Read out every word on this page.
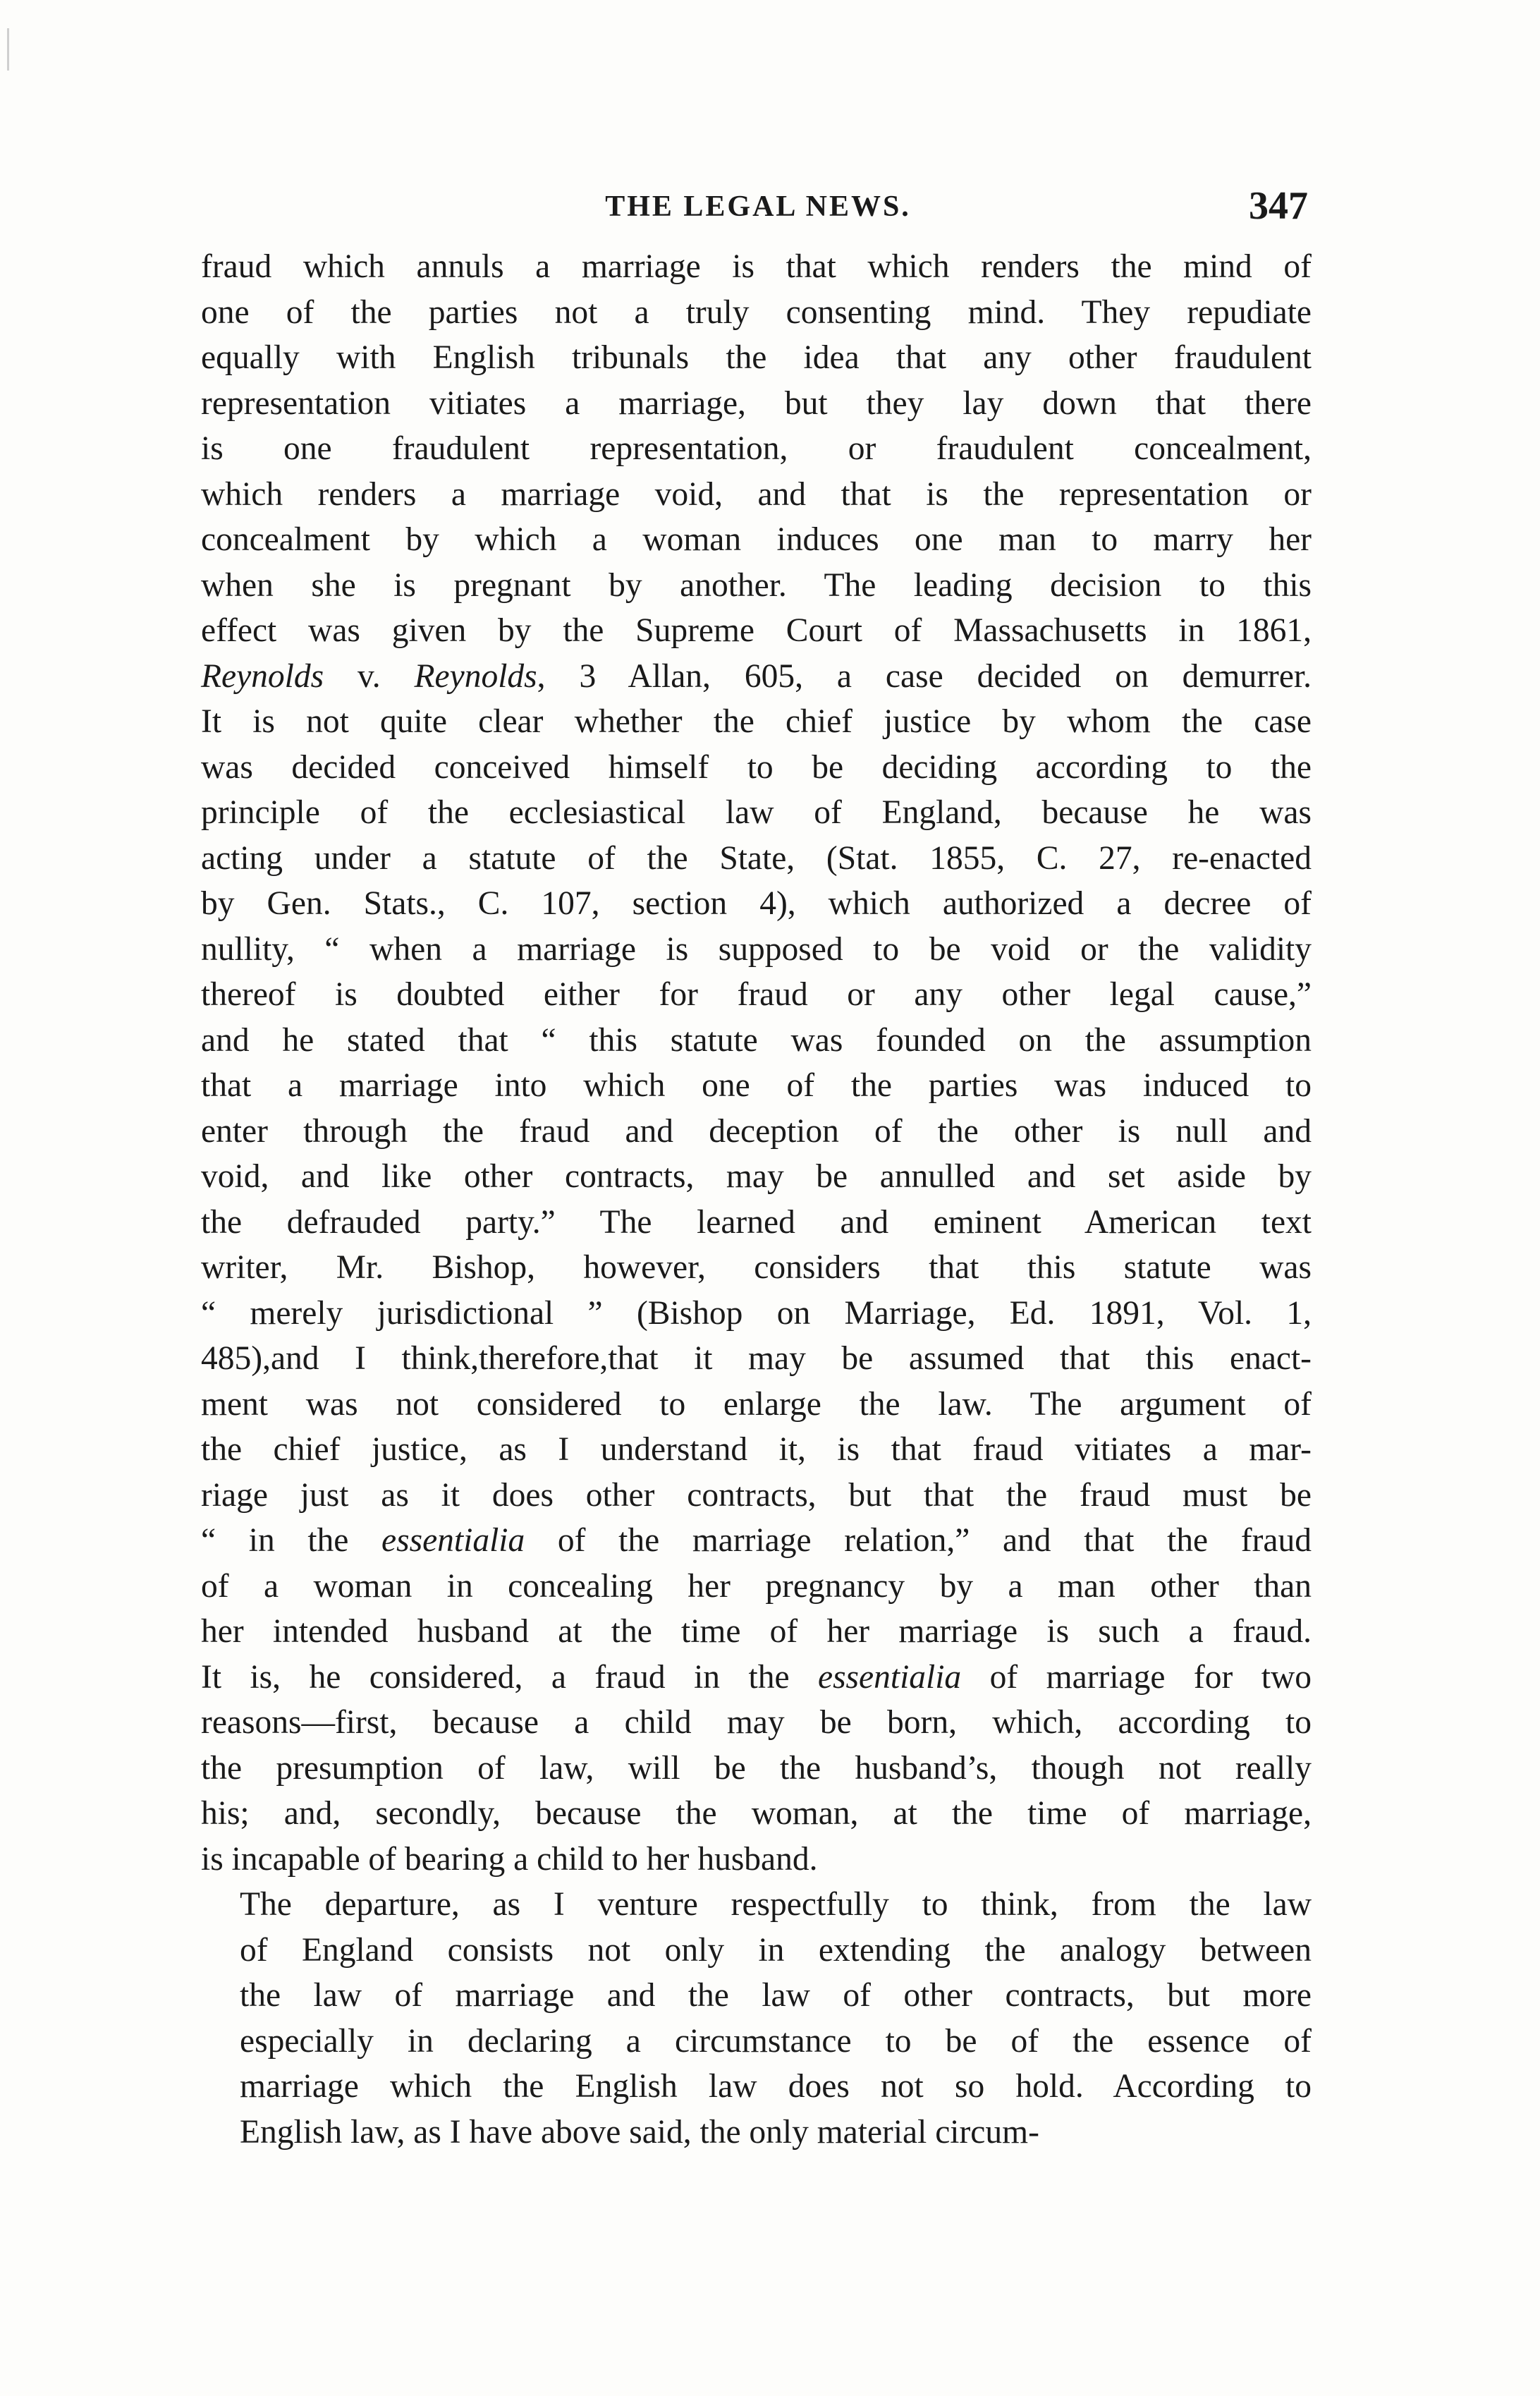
THE LEGAL NEWS.	347

fraud which annuls a marriage is that which renders the mind of
one of the parties not a truly consenting mind. They repudiate
equally with English tribunals the idea that any other fraudulent
representation vitiates a marriage, but they lay down that there
is one fraudulent representation, or fraudulent concealment,
which renders a marriage void, and that is the representation or
concealment by which a woman induces one man to marry her
when she is pregnant by another. The leading decision to this
effect was given by the Supreme Court of Massachusetts in 1861,
Reynolds v. Reynolds, 3 Allan, 605, a case decided on demurrer.
It is not quite clear whether the chief justice by whom the case
was decided conceived himself to be deciding according to the
principle of the ecclesiastical law of England, because he was
acting under a statute of the State, (Stat. 1855, C. 27, re-enacted
by Gen. Stats., C. 107, section 4), which authorized a decree of
nullity, “ when a marriage is supposed to be void or the validity
thereof is doubted either for fraud or any other legal cause,”
and he stated that “ this statute was founded on the assumption
that a marriage into which one of the parties was induced to
enter through the fraud and deception of the other is null and
void, and like other contracts, may be annulled and set aside by
the defrauded party.” The learned and eminent American text
writer, Mr. Bishop, however, considers that this statute was
“ merely jurisdictional ” (Bishop on Marriage, Ed. 1891, Vol. 1,
485),and I think,therefore,that it may be assumed that this enact-
ment was not considered to enlarge the law. The argument of
the chief justice, as I understand it, is that fraud vitiates a mar-
riage just as it does other contracts, but that the fraud must be
“ in the essentialia of the marriage relation,” and that the fraud
of a woman in concealing her pregnancy by a man other than
her intended husband at the time of her marriage is such a fraud.
It is, he considered, a fraud in the essentialia of marriage for two
reasons—first, because a child may be born, which, according to
the presumption of law, will be the husband’s, though not really
his; and, secondly, because the woman, at the time of marriage,
is incapable of bearing a child to her husband.

The departure, as I venture respectfully to think, from the law
of England consists not only in extending the analogy between
the law of marriage and the law of other contracts, but more
especially in declaring a circumstance to be of the essence of
marriage which the English law does not so hold. According to
English law, as I have above said, the only material circum-
